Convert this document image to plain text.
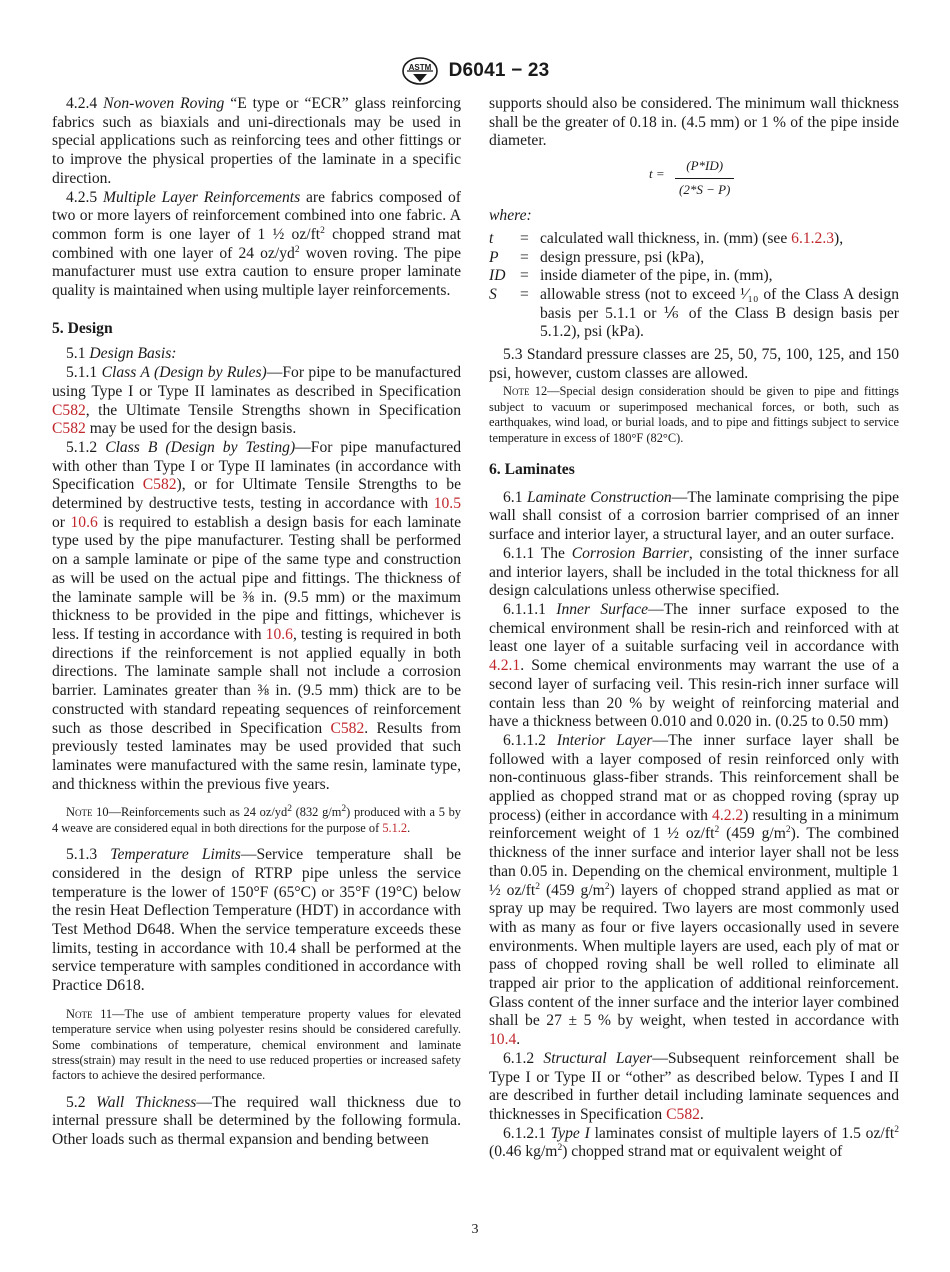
ASTM D6041 − 23

4.2.4 Non-woven Roving “E type or “ECR” glass reinforcing fabrics such as biaxials and uni-directionals may be used in special applications such as reinforcing tees and other fittings or to improve the physical properties of the laminate in a specific direction.

4.2.5 Multiple Layer Reinforcements are fabrics composed of two or more layers of reinforcement combined into one fabric. A common form is one layer of 1 ½ $oz/ft^2$ chopped strand mat combined with one layer of 24 $oz/yd^2$ woven roving. The pipe manufacturer must use extra caution to ensure proper laminate quality is maintained when using multiple layer reinforcements.

5. Design

5.1 Design Basis:

5.1.1 Class A (Design by Rules)—For pipe to be manufactured using Type I or Type II laminates as described in Specification C582, the Ultimate Tensile Strengths shown in Specification C582 may be used for the design basis.

5.1.2 Class B (Design by Testing)—For pipe manufactured with other than Type I or Type II laminates (in accordance with Specification C582), or for Ultimate Tensile Strengths to be determined by destructive tests, testing in accordance with 10.5 or 10.6 is required to establish a design basis for each laminate type used by the pipe manufacturer. Testing shall be performed on a sample laminate or pipe of the same type and construction as will be used on the actual pipe and fittings. The thickness of the laminate sample will be ⅜ in. (9.5 mm) or the maximum thickness to be provided in the pipe and fittings, whichever is less. If testing in accordance with 10.6, testing is required in both directions if the reinforcement is not applied equally in both directions. The laminate sample shall not include a corrosion barrier. Laminates greater than ⅜ in. (9.5 mm) thick are to be constructed with standard repeating sequences of reinforcement such as those described in Specification C582. Results from previously tested laminates may be used provided that such laminates were manufactured with the same resin, laminate type, and thickness within the previous five years.

Note 10—Reinforcements such as 24 $oz/yd^2$ (832 $g/m^2$) produced with a 5 by 4 weave are considered equal in both directions for the purpose of 5.1.2.

5.1.3 Temperature Limits—Service temperature shall be considered in the design of RTRP pipe unless the service temperature is the lower of 150°F (65°C) or 35°F (19°C) below the resin Heat Deflection Temperature (HDT) in accordance with Test Method D648. When the service temperature exceeds these limits, testing in accordance with 10.4 shall be performed at the service temperature with samples conditioned in accordance with Practice D618.

Note 11—The use of ambient temperature property values for elevated temperature service when using polyester resins should be considered carefully. Some combinations of temperature, chemical environment and laminate stress(strain) may result in the need to use reduced properties or increased safety factors to achieve the desired performance.

5.2 Wall Thickness—The required wall thickness due to internal pressure shall be determined by the following formula. Other loads such as thermal expansion and bending between

supports should also be considered. The minimum wall thickness shall be the greater of 0.18 in. (4.5 mm) or 1 % of the pipe inside diameter.

$t = \frac{(P*ID)}{(2*S - P)}$

where:

t	= calculated wall thickness, in. (mm) (see 6.1.2.3),
P	= design pressure, psi (kPa),
ID = inside diameter of the pipe, in. (mm),
S	= allowable stress (not to exceed ¹⁄₁₀ of the Class A design basis per 5.1.1 or ⅙ of the Class B design basis per 5.1.2), psi (kPa).

5.3 Standard pressure classes are 25, 50, 75, 100, 125, and 150 psi, however, custom classes are allowed.

Note 12—Special design consideration should be given to pipe and fittings subject to vacuum or superimposed mechanical forces, or both, such as earthquakes, wind load, or burial loads, and to pipe and fittings subject to service temperature in excess of 180°F (82°C).

6. Laminates

6.1 Laminate Construction—The laminate comprising the pipe wall shall consist of a corrosion barrier comprised of an inner surface and interior layer, a structural layer, and an outer surface.

6.1.1 The Corrosion Barrier, consisting of the inner surface and interior layers, shall be included in the total thickness for all design calculations unless otherwise specified.

6.1.1.1 Inner Surface—The inner surface exposed to the chemical environment shall be resin-rich and reinforced with at least one layer of a suitable surfacing veil in accordance with 4.2.1. Some chemical environments may warrant the use of a second layer of surfacing veil. This resin-rich inner surface will contain less than 20 % by weight of reinforcing material and have a thickness between 0.010 and 0.020 in. (0.25 to 0.50 mm)

6.1.1.2 Interior Layer—The inner surface layer shall be followed with a layer composed of resin reinforced only with non-continuous glass-fiber strands. This reinforcement shall be applied as chopped strand mat or as chopped roving (spray up process) (either in accordance with 4.2.2) resulting in a minimum reinforcement weight of 1 ½ $oz/ft^2$ (459 $g/m^2$). The combined thickness of the inner surface and interior layer shall not be less than 0.05 in. Depending on the chemical environment, multiple 1 ½ $oz/ft^2$ (459 $g/m^2$) layers of chopped strand applied as mat or spray up may be required. Two layers are most commonly used with as many as four or five layers occasionally used in severe environments. When multiple layers are used, each ply of mat or pass of chopped roving shall be well rolled to eliminate all trapped air prior to the application of additional reinforcement. Glass content of the inner surface and the interior layer combined shall be 27 ± 5 % by weight, when tested in accordance with 10.4.

6.1.2 Structural Layer—Subsequent reinforcement shall be Type I or Type II or “other” as described below. Types I and II are described in further detail including laminate sequences and thicknesses in Specification C582.

6.1.2.1 Type I laminates consist of multiple layers of 1.5 $oz/ft^2$ (0.46 $kg/m^2$) chopped strand mat or equivalent weight of

3
